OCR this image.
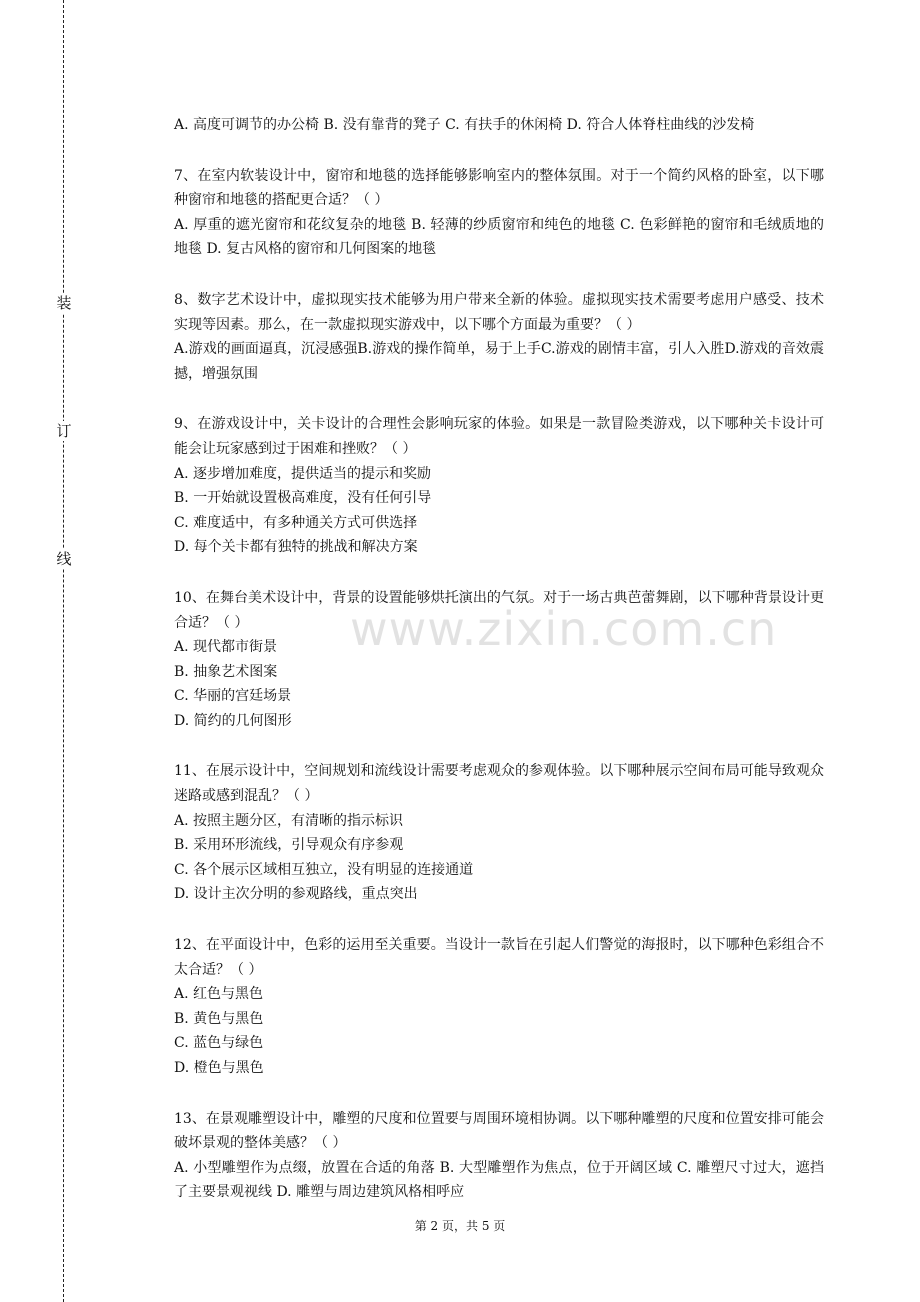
装
订
线

A. 高度可调节的办公椅 B. 没有靠背的凳子 C. 有扶手的休闲椅 D. 符合人体脊柱曲线的沙发椅

7、在室内软装设计中，窗帘和地毯的选择能够影响室内的整体氛围。对于一个简约风格的卧室，以下哪种窗帘和地毯的搭配更合适？（ ）

A. 厚重的遮光窗帘和花纹复杂的地毯 B. 轻薄的纱质窗帘和纯色的地毯 C. 色彩鲜艳的窗帘和毛绒质地的地毯 D. 复古风格的窗帘和几何图案的地毯

8、数字艺术设计中，虚拟现实技术能够为用户带来全新的体验。虚拟现实技术需要考虑用户感受、技术实现等因素。那么，在一款虚拟现实游戏中，以下哪个方面最为重要？（ ）

A.游戏的画面逼真，沉浸感强B.游戏的操作简单，易于上手C.游戏的剧情丰富，引人入胜D.游戏的音效震撼，增强氛围

9、在游戏设计中，关卡设计的合理性会影响玩家的体验。如果是一款冒险类游戏，以下哪种关卡设计可能会让玩家感到过于困难和挫败？（ ）

A. 逐步增加难度，提供适当的提示和奖励

B. 一开始就设置极高难度，没有任何引导

C. 难度适中，有多种通关方式可供选择

D. 每个关卡都有独特的挑战和解决方案

10、在舞台美术设计中，背景的设置能够烘托演出的气氛。对于一场古典芭蕾舞剧，以下哪种背景设计更合适？（ ）

A. 现代都市街景

B. 抽象艺术图案

C. 华丽的宫廷场景

D. 简约的几何图形

11、在展示设计中，空间规划和流线设计需要考虑观众的参观体验。以下哪种展示空间布局可能导致观众迷路或感到混乱？（ ）

A. 按照主题分区，有清晰的指示标识

B. 采用环形流线，引导观众有序参观

C. 各个展示区域相互独立，没有明显的连接通道

D. 设计主次分明的参观路线，重点突出

12、在平面设计中，色彩的运用至关重要。当设计一款旨在引起人们警觉的海报时，以下哪种色彩组合不太合适？（ ）

A. 红色与黑色

B. 黄色与黑色

C. 蓝色与绿色

D. 橙色与黑色

13、在景观雕塑设计中，雕塑的尺度和位置要与周围环境相协调。以下哪种雕塑的尺度和位置安排可能会破坏景观的整体美感？（ ）

A. 小型雕塑作为点缀，放置在合适的角落 B. 大型雕塑作为焦点，位于开阔区域 C. 雕塑尺寸过大，遮挡了主要景观视线 D. 雕塑与周边建筑风格相呼应

www.zixin.com.cn
第 2 页，共 5 页
